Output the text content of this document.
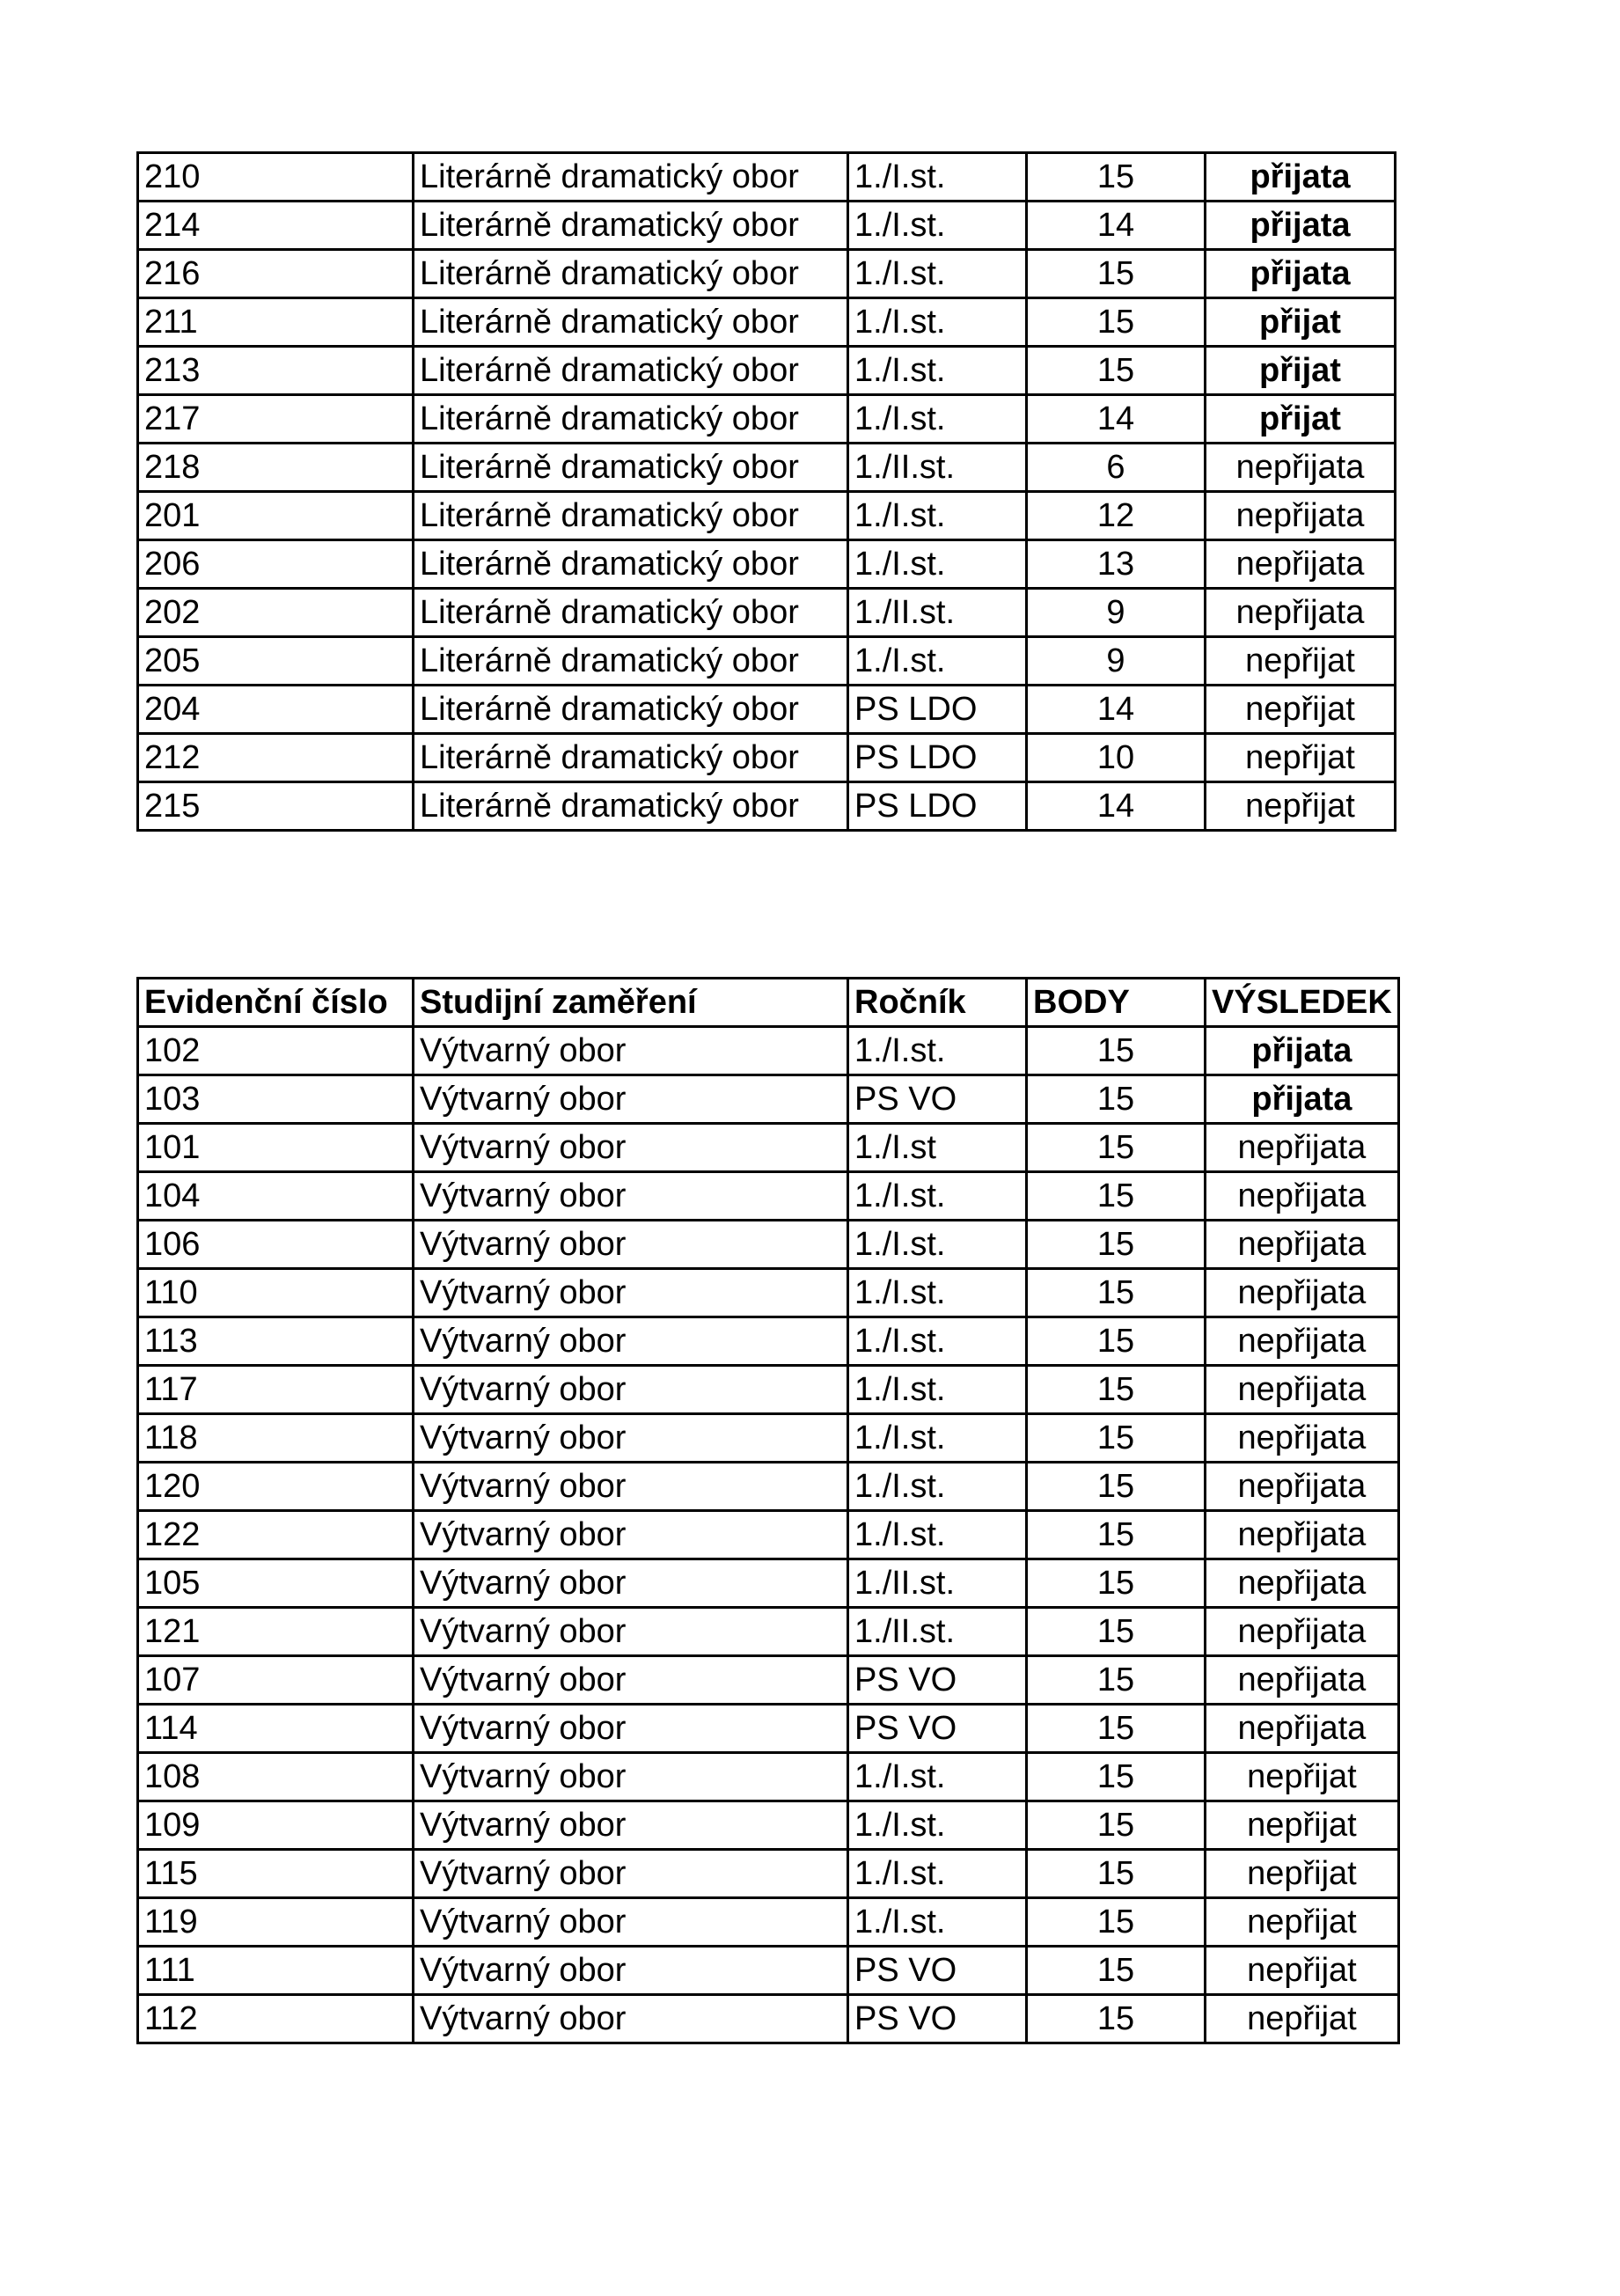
210	Literárně dramatický obor	1./I.st.	15	přijata
214	Literárně dramatický obor	1./I.st.	14	přijata
216	Literárně dramatický obor	1./I.st.	15	přijata
211	Literárně dramatický obor	1./I.st.	15	přijat
213	Literárně dramatický obor	1./I.st.	15	přijat
217	Literárně dramatický obor	1./I.st.	14	přijat
218	Literárně dramatický obor	1./II.st.	6	nepřijata
201	Literárně dramatický obor	1./I.st.	12	nepřijata
206	Literárně dramatický obor	1./I.st.	13	nepřijata
202	Literárně dramatický obor	1./II.st.	9	nepřijata
205	Literárně dramatický obor	1./I.st.	9	nepřijat
204	Literárně dramatický obor	PS LDO	14	nepřijat
212	Literárně dramatický obor	PS LDO	10	nepřijat
215	Literárně dramatický obor	PS LDO	14	nepřijat
Evidenční číslo	Studijní zaměření	Ročník	BODY	VÝSLEDEK
102	Výtvarný obor	1./I.st.	15	přijata
103	Výtvarný obor	PS VO	15	přijata
101	Výtvarný obor	1./I.st	15	nepřijata
104	Výtvarný obor	1./I.st.	15	nepřijata
106	Výtvarný obor	1./I.st.	15	nepřijata
110	Výtvarný obor	1./I.st.	15	nepřijata
113	Výtvarný obor	1./I.st.	15	nepřijata
117	Výtvarný obor	1./I.st.	15	nepřijata
118	Výtvarný obor	1./I.st.	15	nepřijata
120	Výtvarný obor	1./I.st.	15	nepřijata
122	Výtvarný obor	1./I.st.	15	nepřijata
105	Výtvarný obor	1./II.st.	15	nepřijata
121	Výtvarný obor	1./II.st.	15	nepřijata
107	Výtvarný obor	PS VO	15	nepřijata
114	Výtvarný obor	PS VO	15	nepřijata
108	Výtvarný obor	1./I.st.	15	nepřijat
109	Výtvarný obor	1./I.st.	15	nepřijat
115	Výtvarný obor	1./I.st.	15	nepřijat
119	Výtvarný obor	1./I.st.	15	nepřijat
111	Výtvarný obor	PS VO	15	nepřijat
112	Výtvarný obor	PS VO	15	nepřijat
